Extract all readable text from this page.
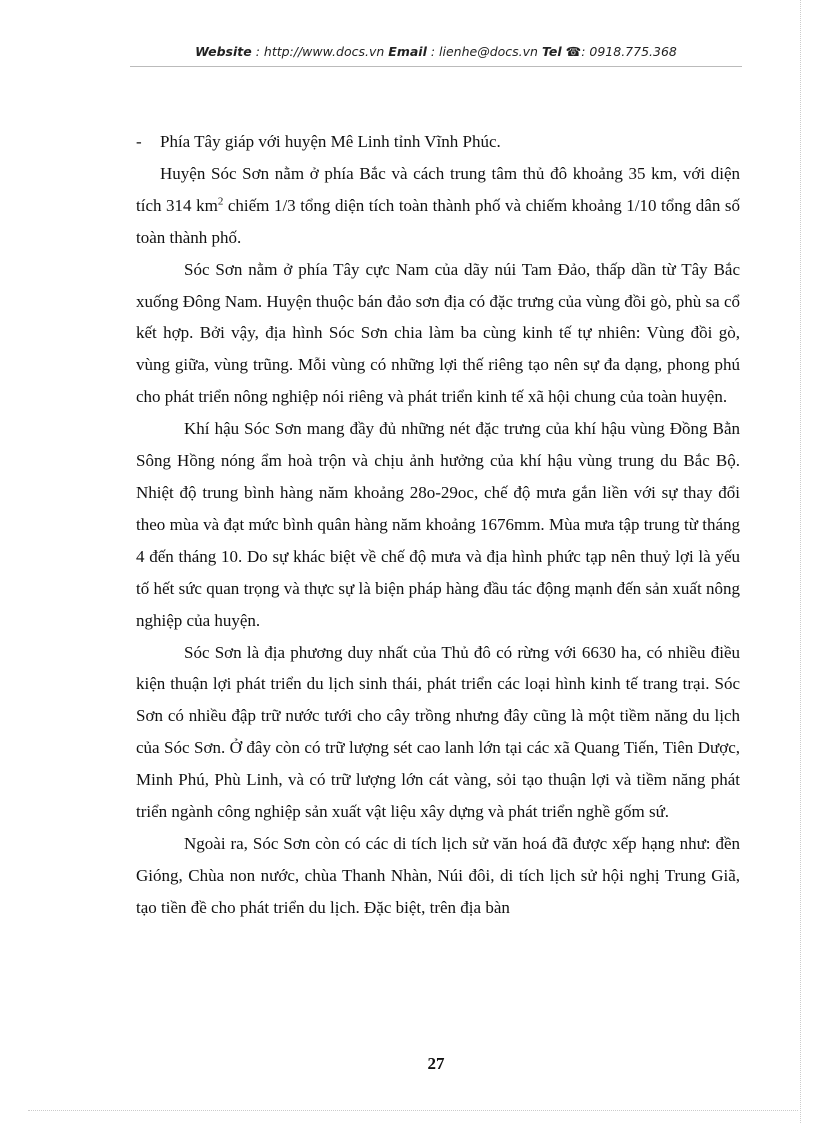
Website : http://www.docs.vn Email : lienhe@docs.vn Tel ☎: 0918.775.368

- Phía Tây giáp với huyện Mê Linh tỉnh Vĩnh Phúc.

Huyện Sóc Sơn nằm ở phía Bắc và cách trung tâm thủ đô khoảng 35 km, với diện tích 314 $km^2$ chiếm 1/3 tổng diện tích toàn thành phố và chiếm khoảng 1/10 tổng dân số toàn thành phố.

Sóc Sơn nằm ở phía Tây cực Nam của dãy núi Tam Đảo, thấp dần từ Tây Bắc xuống Đông Nam. Huyện thuộc bán đảo sơn địa có đặc trưng của vùng đồi gò, phù sa cổ kết hợp. Bởi vậy, địa hình Sóc Sơn chia làm ba cùng kinh tế tự nhiên: Vùng đồi gò, vùng giữa, vùng trũng. Mỗi vùng có những lợi thế riêng tạo nên sự đa dạng, phong phú cho phát triển nông nghiệp nói riêng và phát triển kinh tế xã hội chung của toàn huyện.

Khí hậu Sóc Sơn mang đầy đủ những nét đặc trưng của khí hậu vùng Đồng Bằn Sông Hồng nóng ẩm hoà trộn và chịu ảnh hưởng của khí hậu vùng trung du Bắc Bộ. Nhiệt độ trung bình hàng năm khoảng 28o-29oc, chế độ mưa gắn liền với sự thay đổi theo mùa và đạt mức bình quân hàng năm khoảng 1676mm. Mùa mưa tập trung từ tháng 4 đến tháng 10. Do sự khác biệt về chế độ mưa và địa hình phức tạp nên thuỷ lợi là yếu tố hết sức quan trọng và thực sự là biện pháp hàng đầu tác động mạnh đến sản xuất nông nghiệp của huyện.

Sóc Sơn là địa phương duy nhất của Thủ đô có rừng với 6630 ha, có nhiều điều kiện thuận lợi phát triển du lịch sinh thái, phát triển các loại hình kinh tế trang trại. Sóc Sơn có nhiều đập trữ nước tưới cho cây trồng nhưng đây cũng là một tiềm năng du lịch của Sóc Sơn. Ở đây còn có trữ lượng sét cao lanh lớn tại các xã Quang Tiến, Tiên Dược, Minh Phú, Phù Linh, và có trữ lượng lớn cát vàng, sỏi tạo thuận lợi và tiềm năng phát triển ngành công nghiệp sản xuất vật liệu xây dựng và phát triển nghề gốm sứ.

Ngoài ra, Sóc Sơn còn có các di tích lịch sử văn hoá đã được xếp hạng như: đền Gióng, Chùa non nước, chùa Thanh Nhàn, Núi đôi, di tích lịch sử hội nghị Trung Giã, tạo tiền đề cho phát triển du lịch. Đặc biệt, trên địa bàn

27
